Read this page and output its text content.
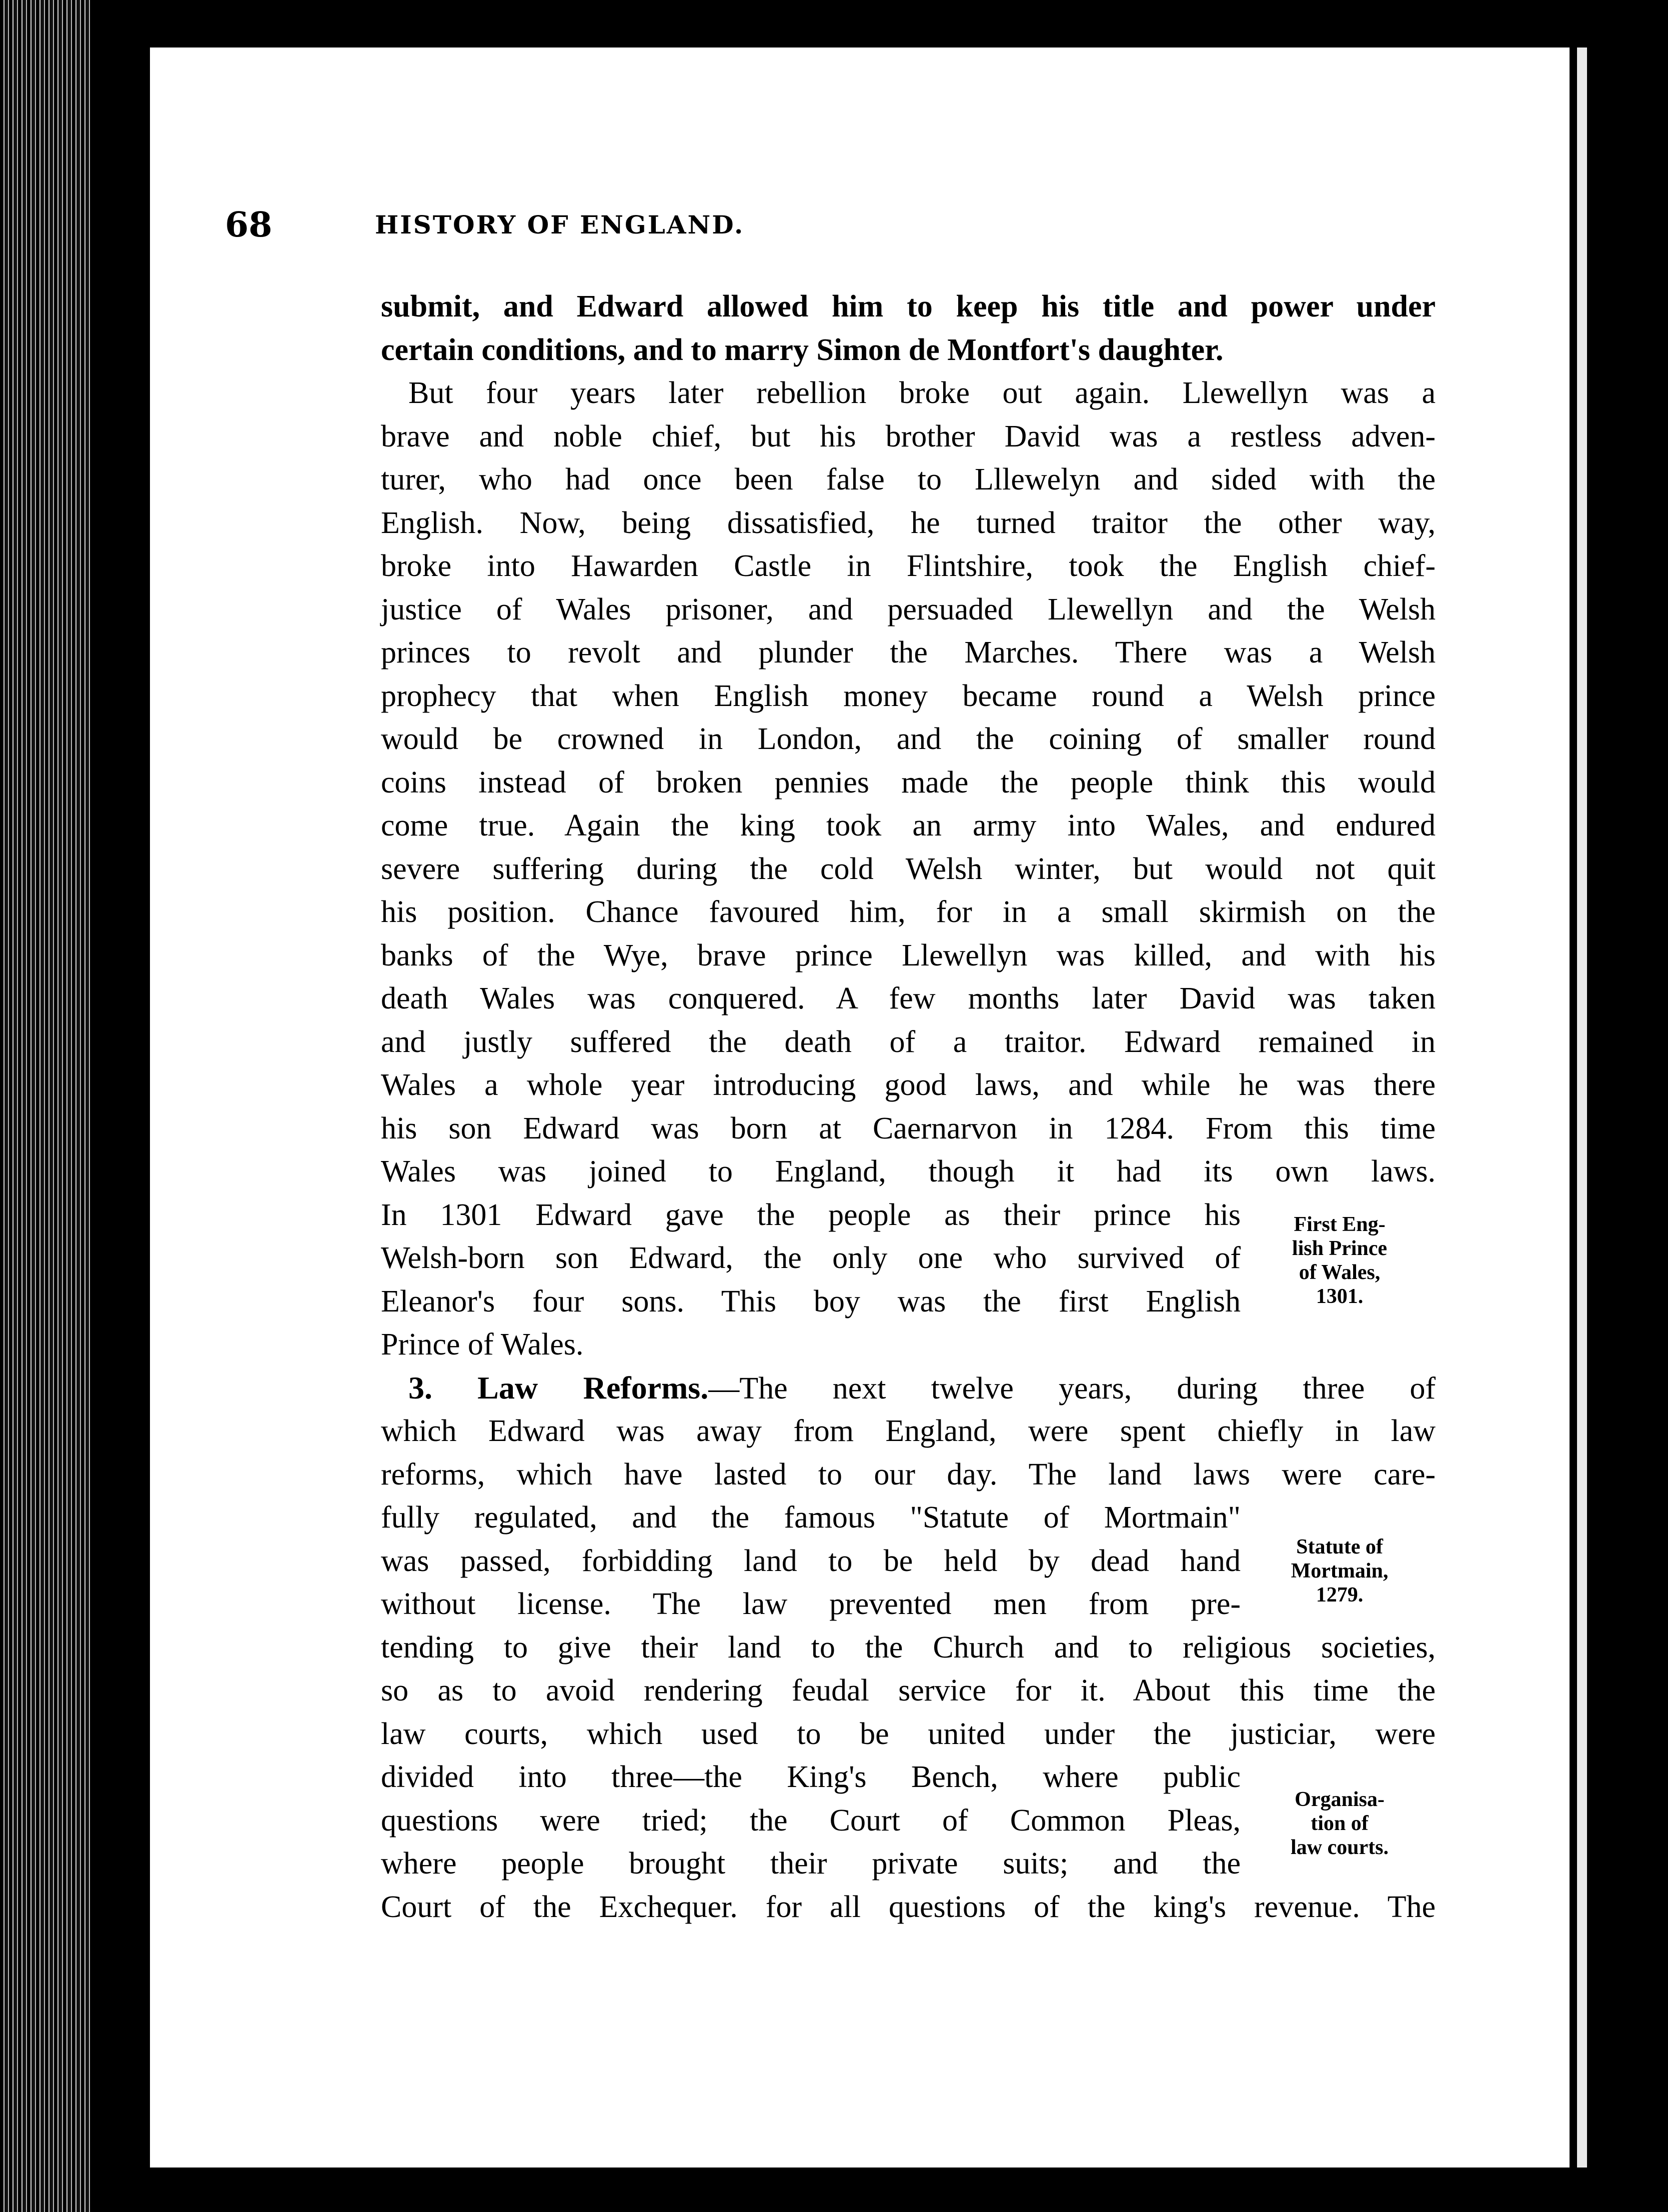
68	HISTORY OF ENGLAND.
submit, and Edward allowed him to keep his title and power under
certain conditions, and to marry Simon de Montfort's daughter.
But four years later rebellion broke out again. Llewellyn was a
brave and noble chief, but his brother David was a restless adven-
turer, who had once been false to Lllewelyn and sided with the
English. Now, being dissatisfied, he turned traitor the other way,
broke into Hawarden Castle in Flintshire, took the English chief-
justice of Wales prisoner, and persuaded Llewellyn and the Welsh
princes to revolt and plunder the Marches. There was a Welsh
prophecy that when English money became round a Welsh prince
would be crowned in London, and the coining of smaller round
coins instead of broken pennies made the people think this would
come true. Again the king took an army into Wales, and endured
severe suffering during the cold Welsh winter, but would not quit
his position. Chance favoured him, for in a small skirmish on the
banks of the Wye, brave prince Llewellyn was killed, and with his
death Wales was conquered. A few months later David was taken
and justly suffered the death of a traitor. Edward remained in
Wales a whole year introducing good laws, and while he was there
his son Edward was born at Caernarvon in 1284. From this time
Wales was joined to England, though it had its own laws.
In 1301 Edward gave the people as their prince his
Welsh-born son Edward, the only one who survived of
Eleanor's four sons. This boy was the first English
Prince of Wales.
3. Law Reforms.—The next twelve years, during three of
which Edward was away from England, were spent chiefly in law
reforms, which have lasted to our day. The land laws were care-
fully regulated, and the famous "Statute of Mortmain"
was passed, forbidding land to be held by dead hand
without license. The law prevented men from pre-
tending to give their land to the Church and to religious societies,
so as to avoid rendering feudal service for it. About this time the
law courts, which used to be united under the justiciar, were
divided into three—the King's Bench, where public
questions were tried; the Court of Common Pleas,
where people brought their private suits; and the
Court of the Exchequer. for all questions of the king's revenue. The
First Eng-
lish Prince
of Wales,
1301.
Statute of
Mortmain,
1279.
Organisa-
tion of
law courts.
